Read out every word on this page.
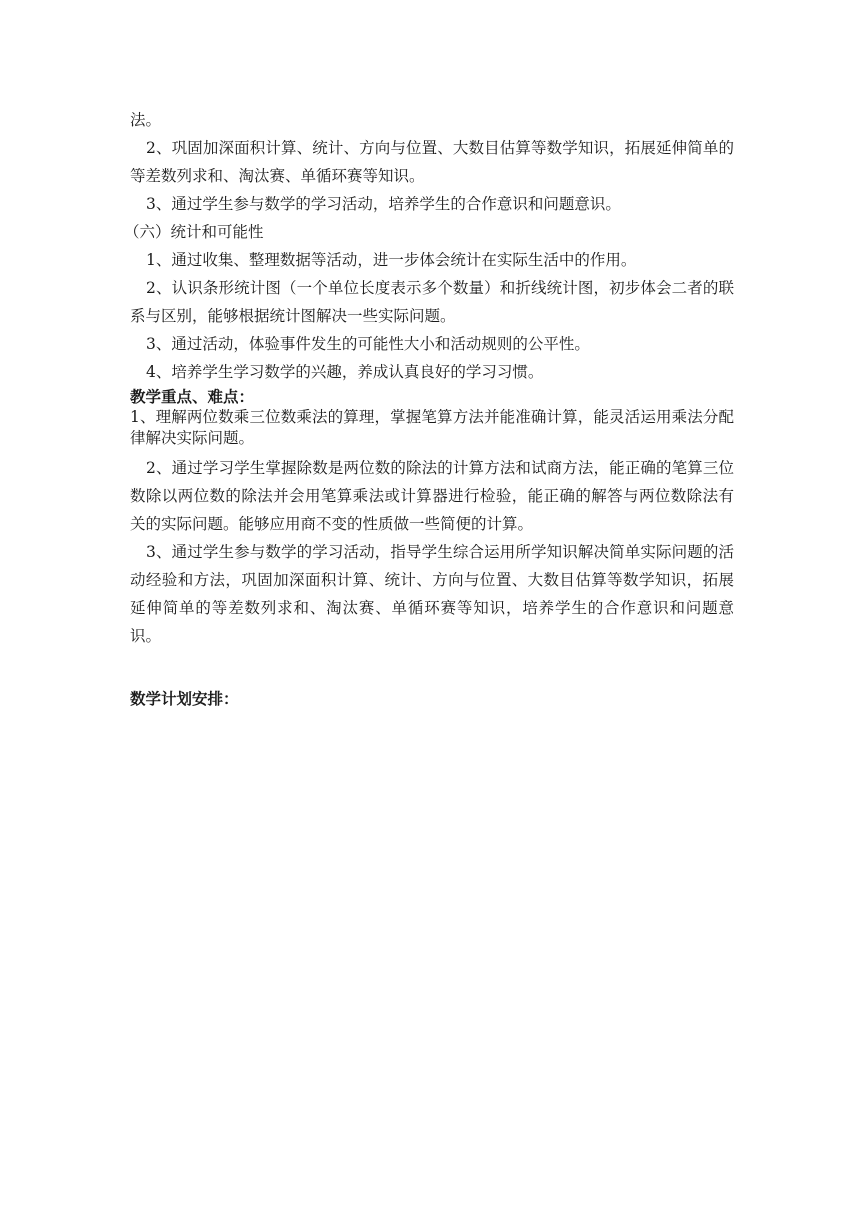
法。

2、巩固加深面积计算、统计、方向与位置、大数目估算等数学知识，拓展延伸简单的等差数列求和、淘汰赛、单循环赛等知识。

3、通过学生参与数学的学习活动，培养学生的合作意识和问题意识。

（六）统计和可能性

1、通过收集、整理数据等活动，进一步体会统计在实际生活中的作用。

2、认识条形统计图（一个单位长度表示多个数量）和折线统计图，初步体会二者的联系与区别，能够根据统计图解决一些实际问题。

3、通过活动，体验事件发生的可能性大小和活动规则的公平性。

4、培养学生学习数学的兴趣，养成认真良好的学习习惯。

教学重点、难点：

1、理解两位数乘三位数乘法的算理，掌握笔算方法并能准确计算，能灵活运用乘法分配律解决实际问题。

2、通过学习学生掌握除数是两位数的除法的计算方法和试商方法，能正确的笔算三位数除以两位数的除法并会用笔算乘法或计算器进行检验，能正确的解答与两位数除法有关的实际问题。能够应用商不变的性质做一些简便的计算。

3、通过学生参与数学的学习活动，指导学生综合运用所学知识解决简单实际问题的活动经验和方法，巩固加深面积计算、统计、方向与位置、大数目估算等数学知识，拓展延伸简单的等差数列求和、淘汰赛、单循环赛等知识，培养学生的合作意识和问题意识。

数学计划安排：
